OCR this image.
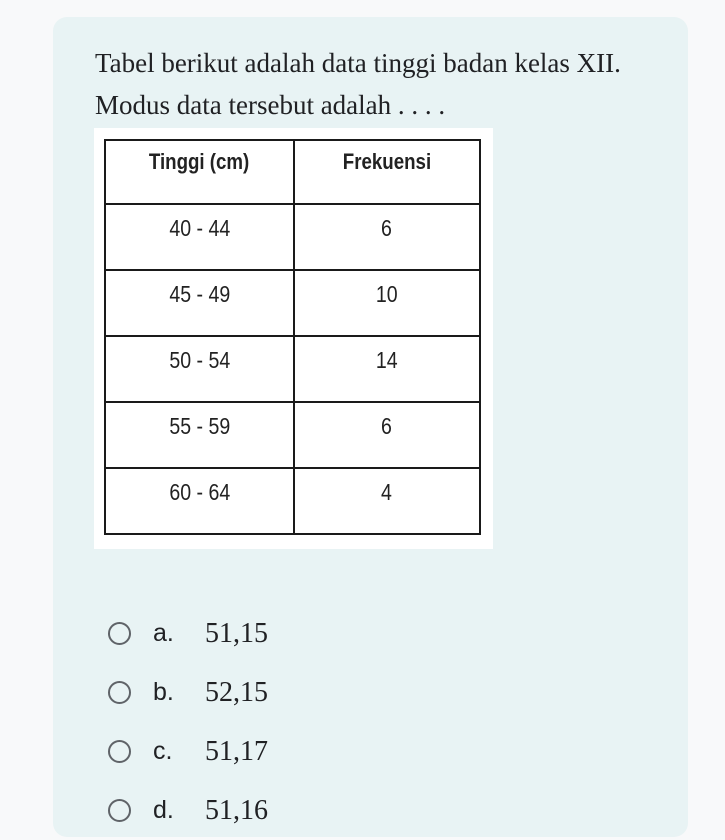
Tabel berikut adalah data tinggi badan kelas XII. Modus data tersebut adalah . . . .

Tinggi (cm)	Frekuensi
40 - 44	6
45 - 49	10
50 - 54	14
55 - 59	6
60 - 64	4
a.	51,15
b.	52,15
c.	51,17
d.	51,16
